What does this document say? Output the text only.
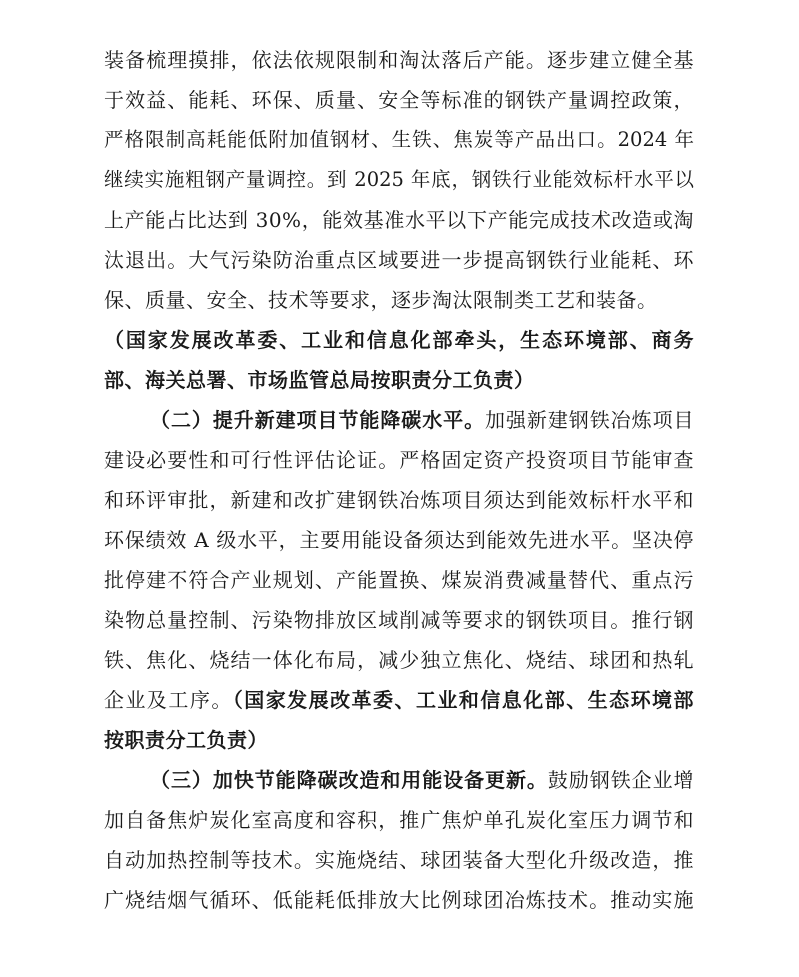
装备梳理摸排，依法依规限制和淘汰落后产能。逐步建立健全基
于效益、能耗、环保、质量、安全等标准的钢铁产量调控政策，
严格限制高耗能低附加值钢材、生铁、焦炭等产品出口。2024 年
继续实施粗钢产量调控。到 2025 年底，钢铁行业能效标杆水平以
上产能占比达到 30%，能效基准水平以下产能完成技术改造或淘
汰退出。大气污染防治重点区域要进一步提高钢铁行业能耗、环
保、质量、安全、技术等要求，逐步淘汰限制类工艺和装备。
（国家发展改革委、工业和信息化部牵头，生态环境部、商务
部、海关总署、市场监管总局按职责分工负责）
（二）提升新建项目节能降碳水平。加强新建钢铁冶炼项目
建设必要性和可行性评估论证。严格固定资产投资项目节能审查
和环评审批，新建和改扩建钢铁冶炼项目须达到能效标杆水平和
环保绩效 A 级水平，主要用能设备须达到能效先进水平。坚决停
批停建不符合产业规划、产能置换、煤炭消费减量替代、重点污
染物总量控制、污染物排放区域削减等要求的钢铁项目。推行钢
铁、焦化、烧结一体化布局，减少独立焦化、烧结、球团和热轧
企业及工序。（国家发展改革委、工业和信息化部、生态环境部
按职责分工负责）
（三）加快节能降碳改造和用能设备更新。鼓励钢铁企业增
加自备焦炉炭化室高度和容积，推广焦炉单孔炭化室压力调节和
自动加热控制等技术。实施烧结、球团装备大型化升级改造，推
广烧结烟气循环、低能耗低排放大比例球团冶炼技术。推动实施
